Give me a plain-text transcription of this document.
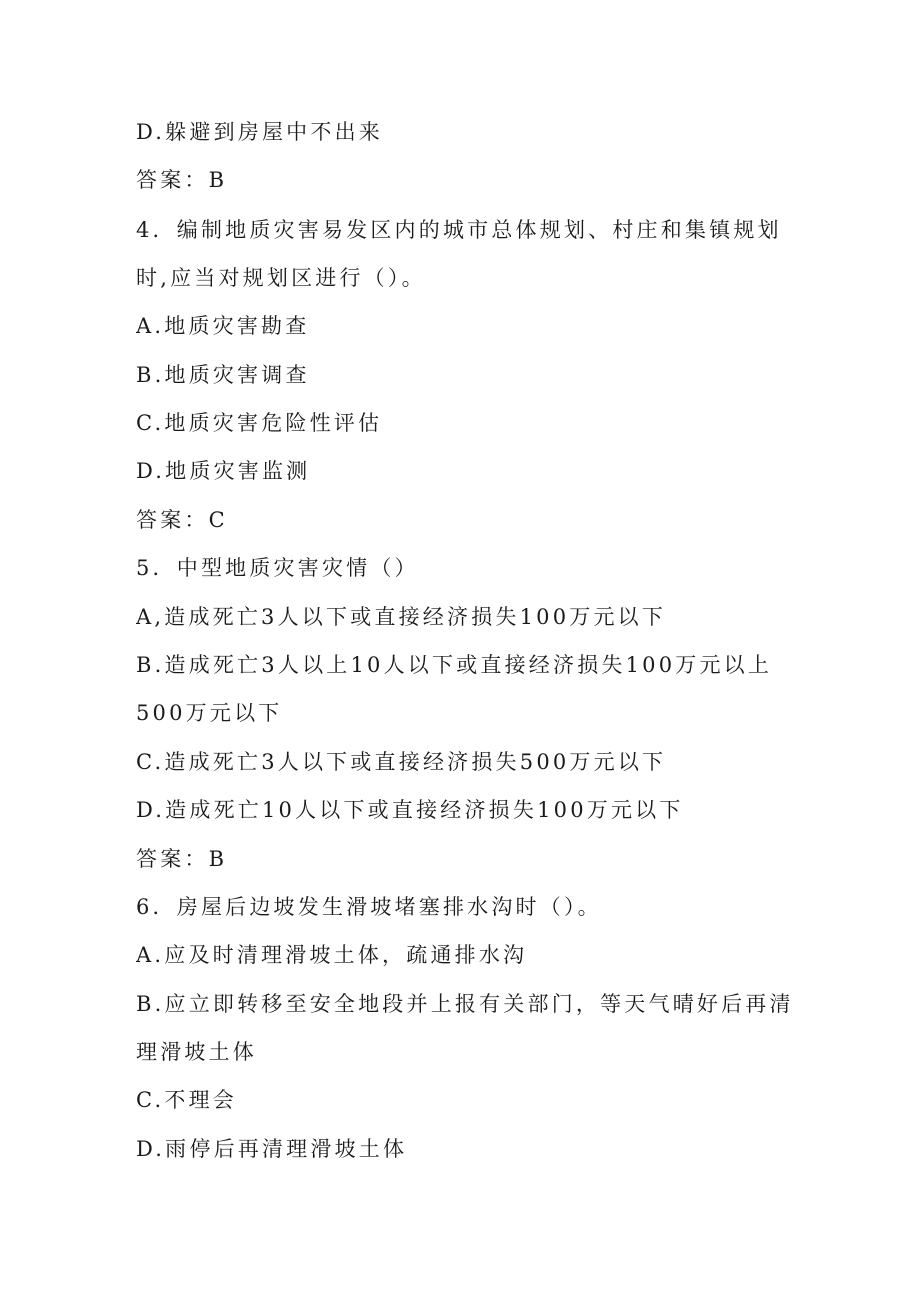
D.躲避到房屋中不出来
答案：B
4．编制地质灾害易发区内的城市总体规划、村庄和集镇规划
时,应当对规划区进行（）。
A.地质灾害勘查
B.地质灾害调查
C.地质灾害危险性评估
D.地质灾害监测
答案：C
5．中型地质灾害灾情（）
A,造成死亡3人以下或直接经济损失100万元以下
B.造成死亡3人以上10人以下或直接经济损失100万元以上
500万元以下
C.造成死亡3人以下或直接经济损失500万元以下
D.造成死亡10人以下或直接经济损失100万元以下
答案：B
6．房屋后边坡发生滑坡堵塞排水沟时（）。
A.应及时清理滑坡土体，疏通排水沟
B.应立即转移至安全地段并上报有关部门，等天气晴好后再清
理滑坡土体
C.不理会
D.雨停后再清理滑坡土体
